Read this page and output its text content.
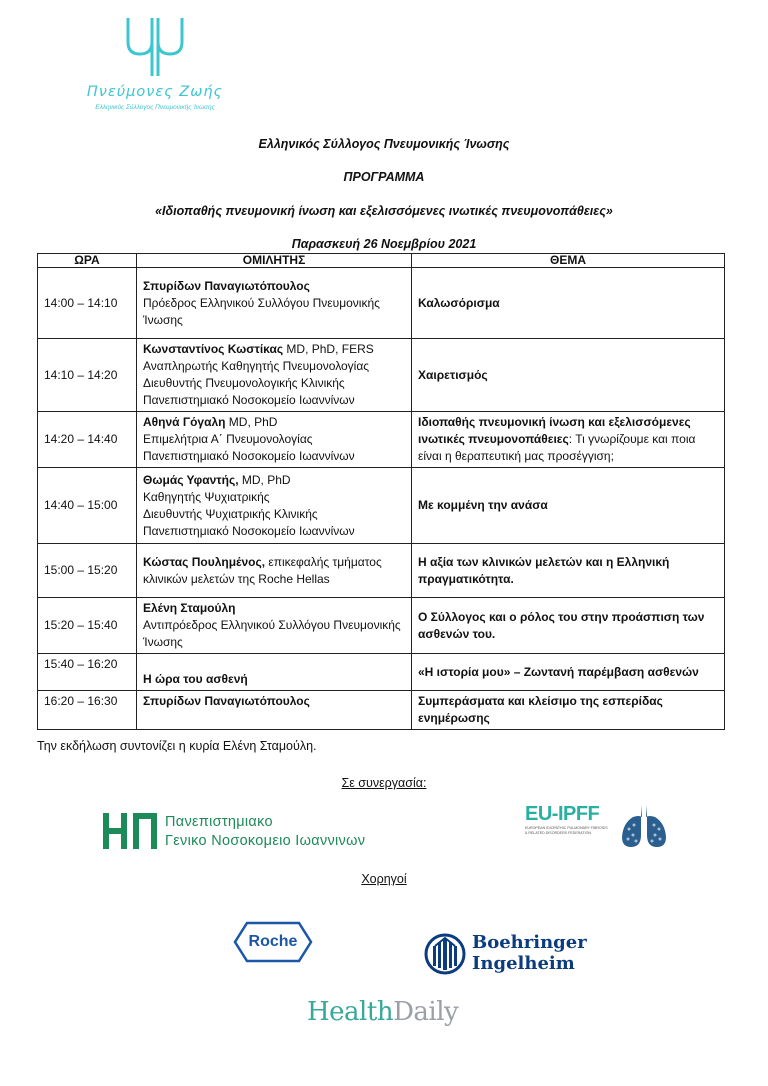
Πνεύμονες Ζωής
Ελληνικός Σύλλογος Πνευμονικής Ίνωσης
Ελληνικός Σύλλογος Πνευμονικής Ίνωσης
ΠΡΟΓΡΑΜΜΑ
«Ιδιοπαθής πνευμονική ίνωση και εξελισσόμενες ινωτικές πνευμονοπάθειες»
Παρασκευή 26 Νοεμβρίου 2021
ΩΡΑ	ΟΜΙΛΗΤΗΣ	ΘΕΜΑ
14:00 – 14:10	Σπυρίδων Παναγιωτόπουλος
Πρόεδρος Ελληνικού Συλλόγου Πνευμονικής Ίνωσης	Καλωσόρισμα
14:10 – 14:20	Κωνσταντίνος Κωστίκας MD, PhD, FERS
Αναπληρωτής Καθηγητής Πνευμονολογίας
Διευθυντής Πνευμονολογικής Κλινικής
Πανεπιστημιακό Νοσοκομείο Ιωαννίνων	Χαιρετισμός
14:20 – 14:40	Αθηνά Γόγαλη MD, PhD
Επιμελήτρια Α΄ Πνευμονολογίας
Πανεπιστημιακό Νοσοκομείο Ιωαννίνων	Ιδιοπαθής πνευμονική ίνωση και εξελισσόμενες ινωτικές πνευμονοπάθειες: Τι γνωρίζουμε και ποια είναι η θεραπευτική μας προσέγγιση;
14:40 – 15:00	Θωμάς Υφαντής, MD, PhD
Καθηγητής Ψυχιατρικής
Διευθυντής Ψυχιατρικής Κλινικής
Πανεπιστημιακό Νοσοκομείο Ιωαννίνων	Με κομμένη την ανάσα
15:00 – 15:20	Κώστας Πουλημένος, επικεφαλής τμήματος κλινικών μελετών της Roche Hellas	Η αξία των κλινικών μελετών και η Ελληνική πραγματικότητα.
15:20 – 15:40	Ελένη Σταμούλη
Αντιπρόεδρος Ελληνικού Συλλόγου Πνευμονικής Ίνωσης	Ο Σύλλογος και ο ρόλος του στην προάσπιση των ασθενών του.
15:40 – 16:20	Η ώρα του ασθενή	«Η ιστορία μου» – Ζωντανή παρέμβαση ασθενών
16:20 – 16:30	Σπυρίδων Παναγιωτόπουλος	Συμπεράσματα και κλείσιμο της εσπερίδας ενημέρωσης
Την εκδήλωση συντονίζει η κυρία Ελένη Σταμούλη.
Σε συνεργασία:
Χορηγοί
Πανεπιστημιακο
Γενικο Νοσοκομειο Ιωαννινων
EU-IPFF
EUROPEAN IDIOPATHIC PULMONARY FIBROSIS
& RELATED DISORDERS FEDERATION
Roche	Boehringer
Ingelheim
HealthDaily
